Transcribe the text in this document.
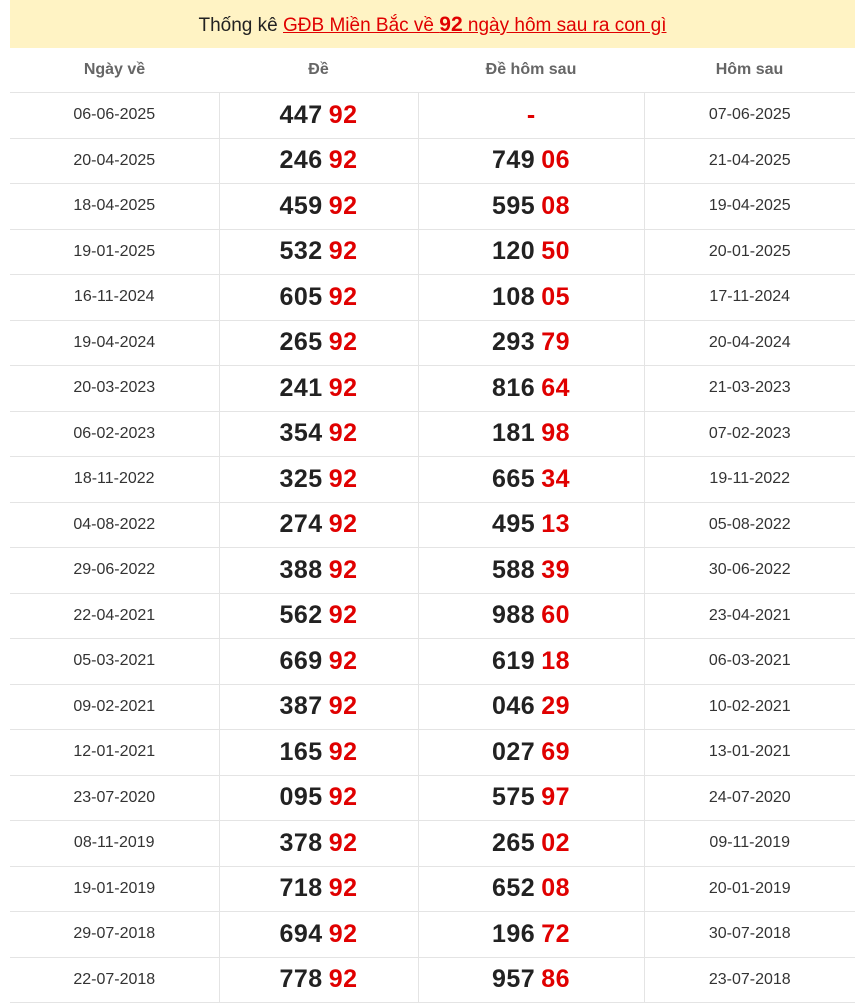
Thống kê GĐB Miền Bắc về 92 ngày hôm sau ra con gì
Ngày về	Đề	Đề hôm sau	Hôm sau
06-06-2025	447 92	-	07-06-2025
20-04-2025	246 92	749 06	21-04-2025
18-04-2025	459 92	595 08	19-04-2025
19-01-2025	532 92	120 50	20-01-2025
16-11-2024	605 92	108 05	17-11-2024
19-04-2024	265 92	293 79	20-04-2024
20-03-2023	241 92	816 64	21-03-2023
06-02-2023	354 92	181 98	07-02-2023
18-11-2022	325 92	665 34	19-11-2022
04-08-2022	274 92	495 13	05-08-2022
29-06-2022	388 92	588 39	30-06-2022
22-04-2021	562 92	988 60	23-04-2021
05-03-2021	669 92	619 18	06-03-2021
09-02-2021	387 92	046 29	10-02-2021
12-01-2021	165 92	027 69	13-01-2021
23-07-2020	095 92	575 97	24-07-2020
08-11-2019	378 92	265 02	09-11-2019
19-01-2019	718 92	652 08	20-01-2019
29-07-2018	694 92	196 72	30-07-2018
22-07-2018	778 92	957 86	23-07-2018
